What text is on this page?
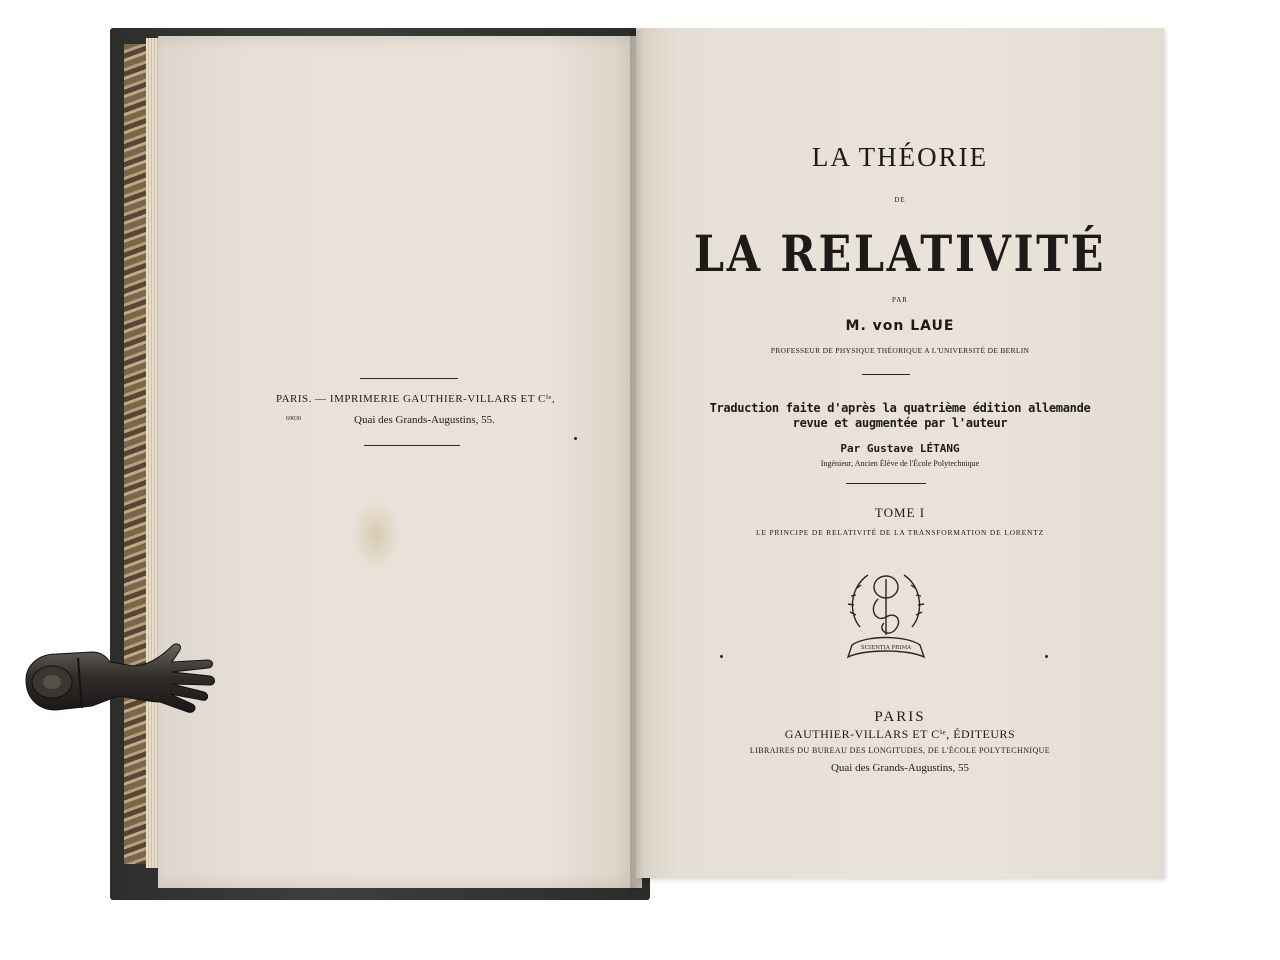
PARIS. — IMPRIMERIE GAUTHIER-VILLARS ET Cⁱᵉ,
69030	Quai des Grands-Augustins, 55.
LA THÉORIE
DE
LA RELATIVITÉ
PAR
M. von LAUE
PROFESSEUR DE PHYSIQUE THÉORIQUE A L'UNIVERSITÉ DE BERLIN
Traduction faite d'après la quatrième édition allemande
revue et augmentée par l'auteur
Par Gustave LÉTANG
Ingénieur, Ancien Élève de l'École Polytechnique
TOME I
LE PRINCIPE DE RELATIVITÉ DE LA TRANSFORMATION DE LORENTZ
SCIENTIA PRIMA
PARIS
GAUTHIER-VILLARS ET Cⁱᵉ, ÉDITEURS
LIBRAIRES DU BUREAU DES LONGITUDES, DE L'ÉCOLE POLYTECHNIQUE
Quai des Grands-Augustins, 55
